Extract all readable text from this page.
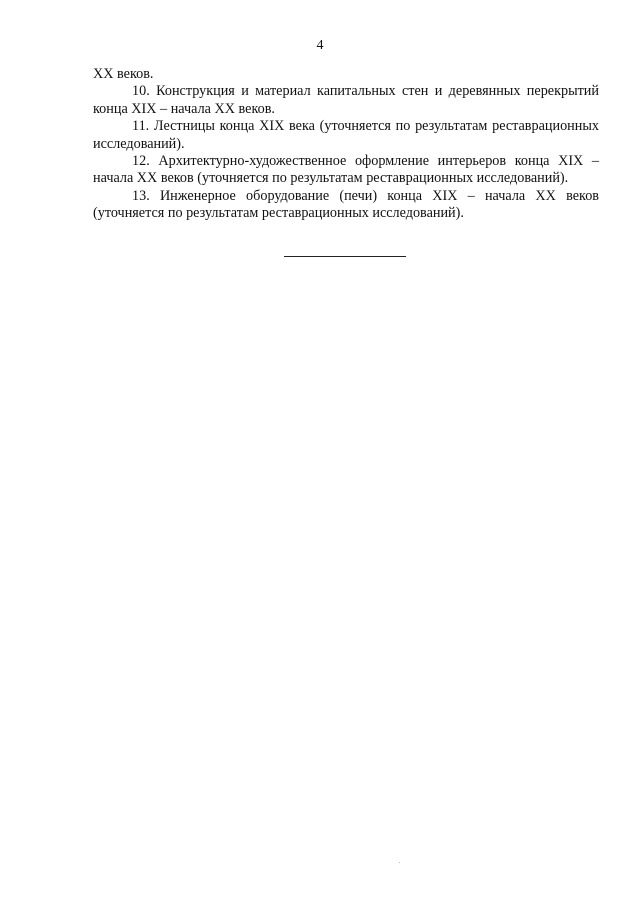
4

XX веков.

10. Конструкция и материал капитальных стен и деревянных перекрытий конца XIX – начала XX веков.

11. Лестницы конца XIX века (уточняется по результатам реставрационных исследований).

12. Архитектурно-художественное оформление интерьеров конца XIX – начала XX веков (уточняется по результатам реставрационных исследований).

13. Инженерное оборудование (печи) конца XIX – начала XX веков (уточняется по результатам реставрационных исследований).
